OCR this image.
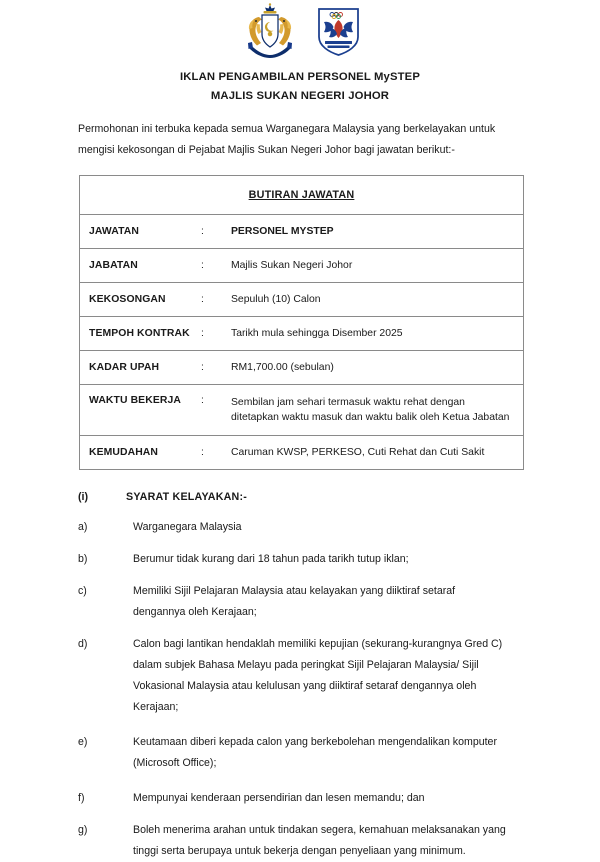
IKLAN PENGAMBILAN PERSONEL MySTEP
MAJLIS SUKAN NEGERI JOHOR
Permohonan ini terbuka kepada semua Warganegara Malaysia yang berkelayakan untuk
mengisi kekosongan di Pejabat Majlis Sukan Negeri Johor bagi jawatan berikut:-
BUTIRAN JAWATAN		
JAWATAN	:	PERSONEL MYSTEP
JABATAN	:	Majlis Sukan Negeri Johor
KEKOSONGAN	:	Sepuluh (10) Calon
TEMPOH KONTRAK	:	Tarikh mula sehingga Disember 2025
KADAR UPAH	:	RM1,700.00 (sebulan)
WAKTU BEKERJA	:	Sembilan jam sehari termasuk waktu rehat dengan
ditetapkan waktu masuk dan waktu balik oleh Ketua Jabatan

KEMUDAHAN	:	Caruman KWSP, PERKESO, Cuti Rehat dan Cuti Sakit
(i)	SYARAT KELAYAKAN:-
a)	Warganegara Malaysia
b)	Berumur tidak kurang dari 18 tahun pada tarikh tutup iklan;
c)	Memiliki Sijil Pelajaran Malaysia atau kelayakan yang diiktiraf setaraf
dengannya oleh Kerajaan;
d)	Calon bagi lantikan hendaklah memiliki kepujian (sekurang-kurangnya Gred C)
dalam subjek Bahasa Melayu pada peringkat Sijil Pelajaran Malaysia/ Sijil
Vokasional Malaysia atau kelulusan yang diiktiraf setaraf dengannya oleh
Kerajaan;
e)	Keutamaan diberi kepada calon yang berkebolehan mengendalikan komputer
(Microsoft Office);
f)	Mempunyai kenderaan persendirian dan lesen memandu; dan
g)	Boleh menerima arahan untuk tindakan segera, kemahuan melaksanakan yang
tinggi serta berupaya untuk bekerja dengan penyeliaan yang minimum.
